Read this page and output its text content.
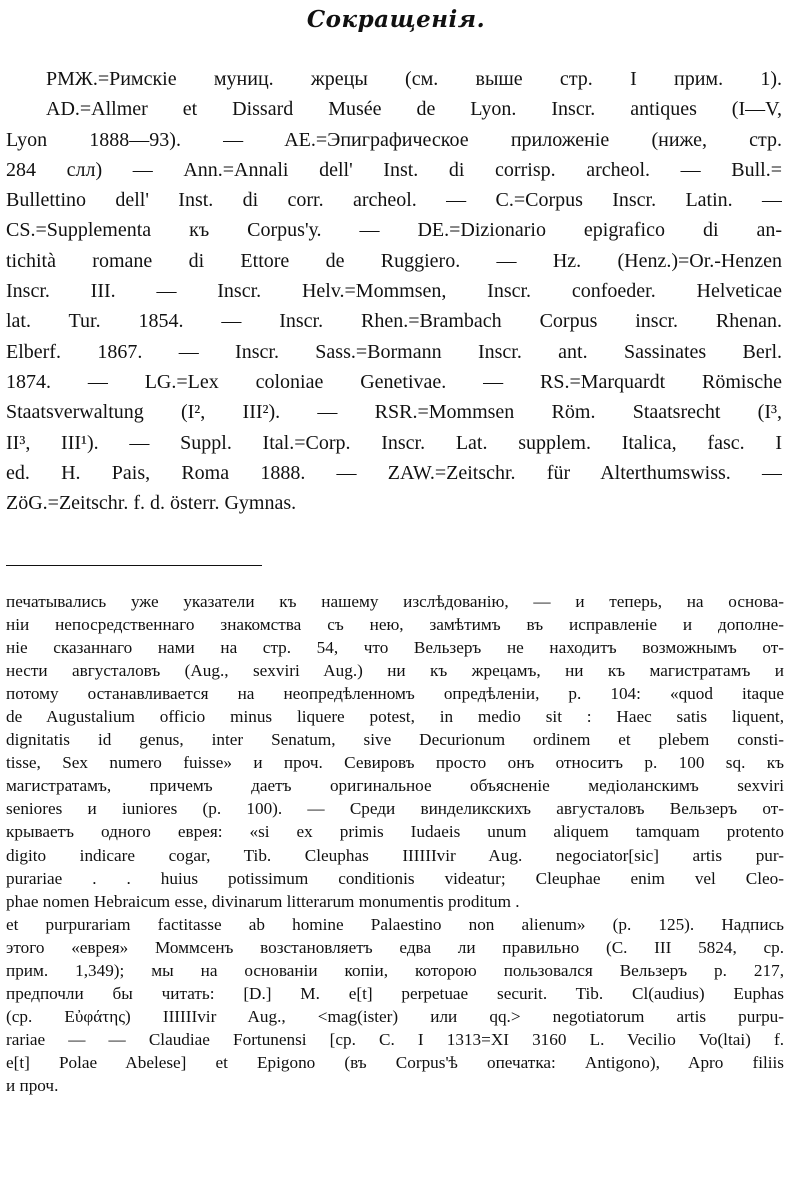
Сокращенія.
РМЖ.=Римскіе муниц. жрецы (см. выше стр. I прим. 1).
AD.=Allmer et Dissard Musée de Lyon. Inscr. antiques (I—V,
Lyon 1888—93). — AE.=Эпиграфическое приложеніе (ниже, стр.
284 слл) — Ann.=Annali dell' Inst. di corrisp. archeol. — Bull.=
Bullettino dell' Inst. di corr. archeol. — C.=Corpus Inscr. Latin. —
CS.=Supplementa къ Corpus'у. — DE.=Dizionario epigrafico di an-
tichità romane di Ettore de Ruggiero. — Hz. (Henz.)=Or.-Henzen
Inscr. III. — Inscr. Helv.=Mommsen, Inscr. confoeder. Helveticae
lat. Tur. 1854. — Inscr. Rhen.=Brambach Corpus inscr. Rhenan.
Elberf. 1867. — Inscr. Sass.=Bormann Inscr. ant. Sassinates Berl.
1874. — LG.=Lex coloniae Genetivae. — RS.=Marquardt Römische
Staatsverwaltung (I², III²). — RSR.=Mommsen Röm. Staatsrecht (I³,
II³, III¹). — Suppl. Ital.=Corp. Inscr. Lat. supplem. Italica, fasc. I
ed. H. Pais, Roma 1888. — ZAW.=Zeitschr. für Alterthumswiss. —
ZöG.=Zeitschr. f. d. österr. Gymnas.
печатывались уже указатели къ нашему изслѣдованію, — и теперь, на основа-
ніи непосредственнаго знакомства съ нею, замѣтимъ въ исправленіе и дополне-
ніе сказаннаго нами на стр. 54, что Вельзеръ не находитъ возможнымъ от-
нести августаловъ (Aug., sexviri Aug.) ни къ жрецамъ, ни къ магистратамъ и
потому останавливается на неопредѣленномъ опредѣленіи, p. 104: «quod itaque
de Augustalium officio minus liquere potest, in medio sit : Haec satis liquent,
dignitatis id genus, inter Senatum, sive Decurionum ordinem et plebem consti-
tisse, Sex numero fuisse» и проч. Севировъ просто онъ относитъ p. 100 sq. къ
магистратамъ, причемъ даетъ оригинальное объясненіе медіоланскимъ sexviri
seniores и iuniores (p. 100). — Среди винделикскихъ августаловъ Вельзеръ от-
крываетъ одного еврея: «si ex primis Iudaeis unum aliquem tamquam protento
digito indicare cogar, Tib. Cleuphas IIIIIIvir Aug. negociator[sic] artis pur-
purariae . . huius potissimum conditionis videatur; Cleuphae enim vel Cleo-
phae nomen Hebraicum esse, divinarum litterarum monumentis proditum .
et purpurariam factitasse ab homine Palaestino non alienum» (p. 125). Надпись
этого «еврея» Моммсенъ возстановляетъ едва ли правильно (C. III 5824, ср.
прим. 1,349); мы на основаніи копіи, которою пользовался Вельзеръ p. 217,
предпочли бы читать: [D.] M. e[t] perpetuae securit. Tib. Cl(audius) Euphas
(ср. Εὐφάτης) IIIIIIvir Aug., <mag(ister) или qq.> negotiatorum artis purpu-
rariae — — Claudiae Fortunensi [ср. C. I 1313=XI 3160 L. Vecilio Vo(ltai) f.
e[t] Polae Abelese] et Epigono (въ Corpus'ѣ опечатка: Antigono), Apro filiis
и проч.
